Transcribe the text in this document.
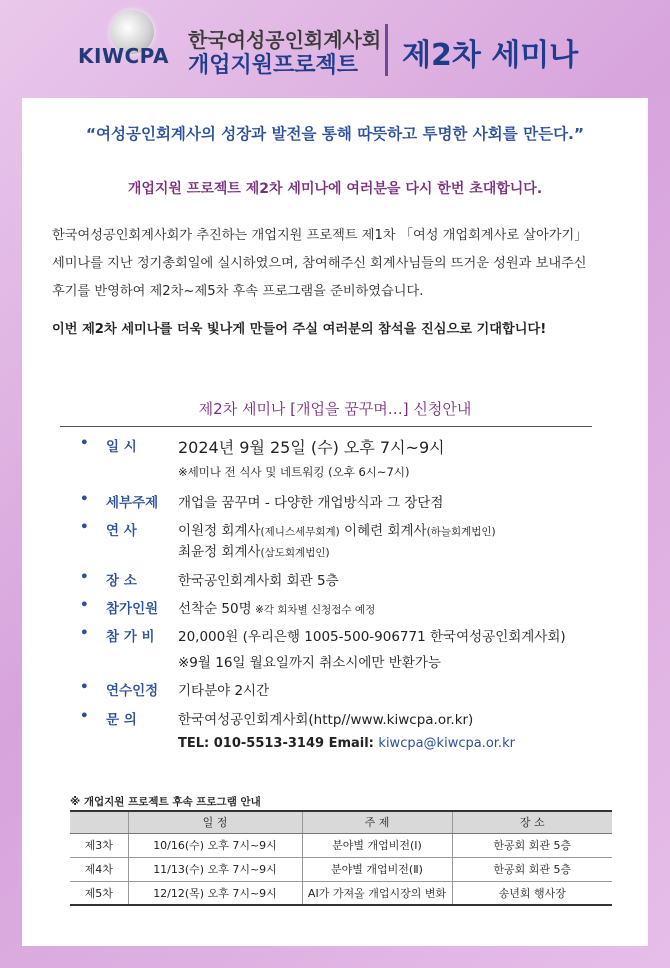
KIWCPA
한국여성공인회계사회
개업지원프로젝트 제2차 세미나
“여성공인회계사의 성장과 발전을 통해 따뜻하고 투명한 사회를 만든다.”
개업지원 프로젝트 제2차 세미나에 여러분을 다시 한번 초대합니다.

한국여성공인회계사회가 추진하는 개업지원 프로젝트 제1차 「여성 개업회계사로 살아가기」

세미나를 지난 정기총회일에 실시하였으며, 참여해주신 회계사님들의 뜨거운 성원과 보내주신

후기를 반영하여 제2차~제5차 후속 프로그램을 준비하였습니다.

이번 제2차 세미나를 더욱 빛나게 만들어 주실 여러분의 참석을 진심으로 기대합니다!
제2차 세미나 [개업을 꿈꾸며…] 신청안내
• 일 시	2024년 9월 25일 (수) 오후 7시~9시
※세미나 전 식사 및 네트워킹 (오후 6시~7시)
• 세부주제 개업을 꿈꾸며 - 다양한 개업방식과 그 장단점
• 연 사	이원정 회계사(제니스세무회계) 이혜련 회계사(하늘회계법인)
최윤정 회계사(삼도회계법인)
• 장 소	한국공인회계사회 회관 5층
• 참가인원 선착순 50명 ※각 회차별 신청접수 예정
• 참 가 비 20,000원 (우리은행 1005-500-906771 한국여성공인회계사회)
※9월 16일 월요일까지 취소시에만 반환가능
• 연수인정 기타분야 2시간
• 문 의	한국여성공인회계사회(http//www.kiwcpa.or.kr)
TEL: 010-5513-3149 Email: kiwcpa@kiwcpa.or.kr
※ 개업지원 프로젝트 후속 프로그램 안내
	일 정	주 제	장 소
제3차	10/16(수) 오후 7시~9시	분야별 개업비전(Ⅰ)	한공회 회관 5층
제4차	11/13(수) 오후 7시~9시	분야별 개업비전(Ⅱ)	한공회 회관 5층
제5차	12/12(목) 오후 7시~9시	AI가 가져올 개업시장의 변화	송년회 행사장
